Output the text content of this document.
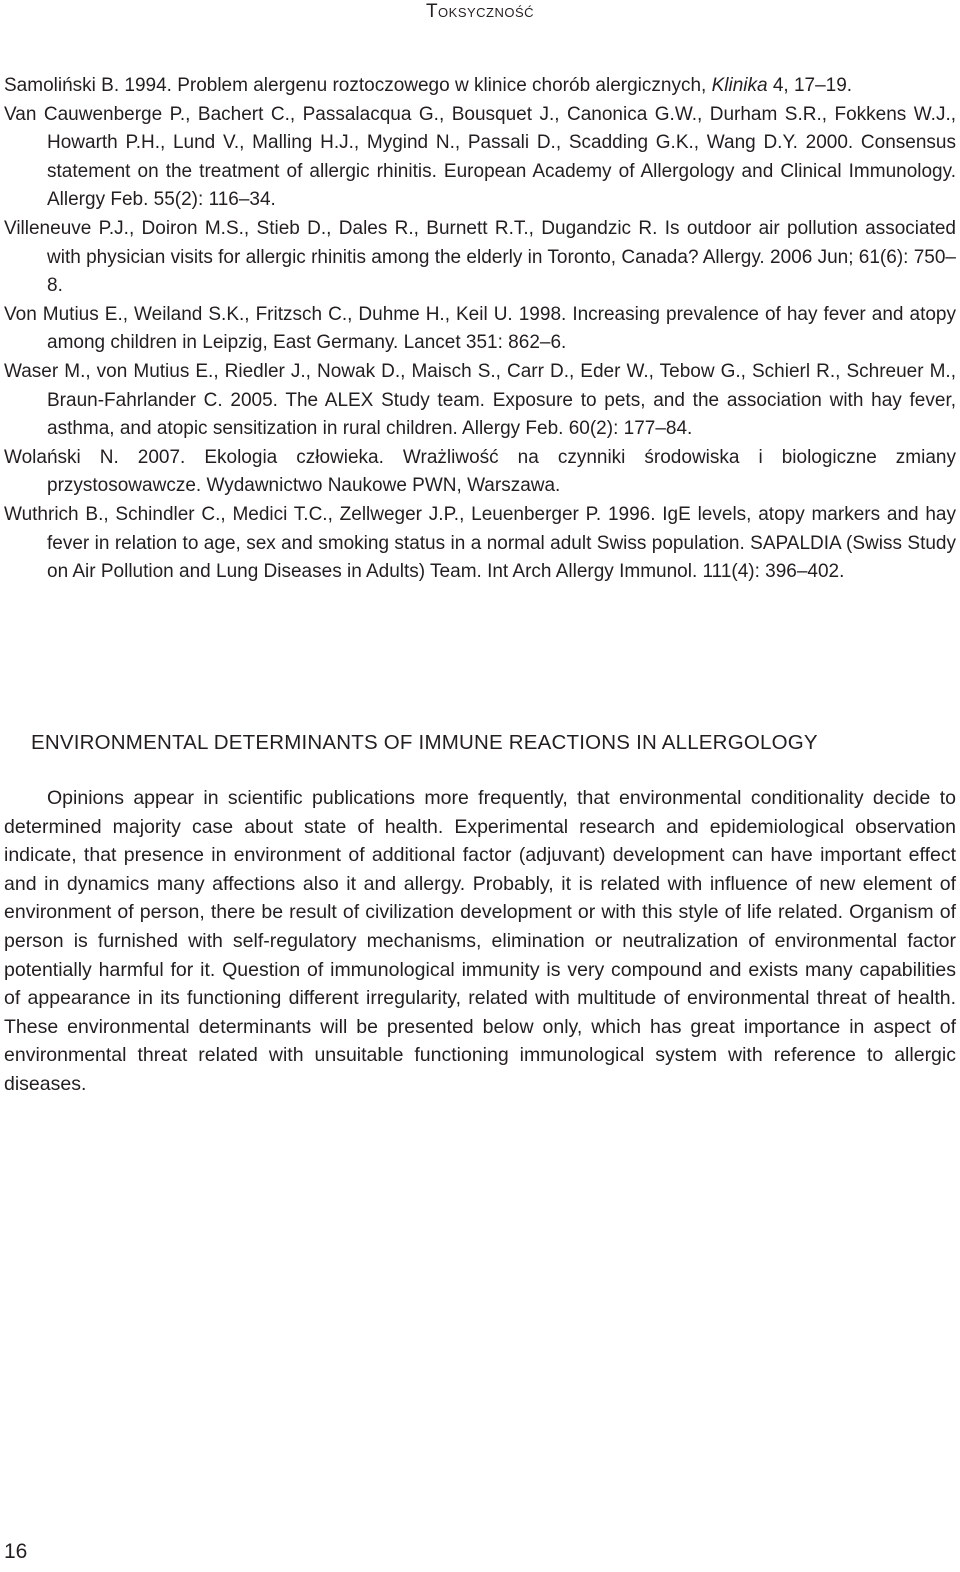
Toksyczność
Samoliński B. 1994. Problem alergenu roztoczowego w klinice chorób alergicznych, Klinika 4, 17–19.
Van Cauwenberge P., Bachert C., Passalacqua G., Bousquet J., Canonica G.W., Durham S.R., Fokkens W.J., Howarth P.H., Lund V., Malling H.J., Mygind N., Passali D., Scadding G.K., Wang D.Y. 2000. Consensus statement on the treatment of allergic rhinitis. European Academy of Allergology and Clinical Immunology. Allergy Feb. 55(2): 116–34.
Villeneuve P.J., Doiron M.S., Stieb D., Dales R., Burnett R.T., Dugandzic R. Is outdoor air pollution associated with physician visits for allergic rhinitis among the elderly in Toronto, Canada? Allergy. 2006 Jun; 61(6): 750–8.
Von Mutius E., Weiland S.K., Fritzsch C., Duhme H., Keil U. 1998. Increasing prevalence of hay fever and atopy among children in Leipzig, East Germany. Lancet 351: 862–6.
Waser M., von Mutius E., Riedler J., Nowak D., Maisch S., Carr D., Eder W., Tebow G., Schierl R., Schreuer M., Braun-Fahrlander C. 2005. The ALEX Study team. Exposure to pets, and the association with hay fever, asthma, and atopic sensitization in rural children. Allergy Feb. 60(2): 177–84.
Wolański N. 2007. Ekologia człowieka. Wrażliwość na czynniki środowiska i biologiczne zmiany przystosowawcze. Wydawnictwo Naukowe PWN, Warszawa.
Wuthrich B., Schindler C., Medici T.C., Zellweger J.P., Leuenberger P. 1996. IgE levels, atopy markers and hay fever in relation to age, sex and smoking status in a normal adult Swiss population. SAPALDIA (Swiss Study on Air Pollution and Lung Diseases in Adults) Team. Int Arch Allergy Immunol. 111(4): 396–402.
ENVIRONMENTAL DETERMINANTS OF IMMUNE REACTIONS IN ALLERGOLOGY

Opinions appear in scientific publications more frequently, that environmental conditionality decide to determined majority case about state of health. Experimental research and epidemiological observation indicate, that presence in environment of additional factor (adjuvant) development can have important effect and in dynamics many affections also it and allergy. Probably, it is related with influence of new element of environment of person, there be result of civilization development or with this style of life related. Organism of person is furnished with self-regulatory mechanisms, elimination or neutralization of environmental factor potentially harmful for it. Question of immunological immunity is very compound and exists many capabilities of appearance in its functioning different irregularity, related with multitude of environmental threat of health. These environmental determinants will be presented below only, which has great importance in aspect of environmental threat related with unsuitable functioning immunological system with reference to allergic diseases.

16
